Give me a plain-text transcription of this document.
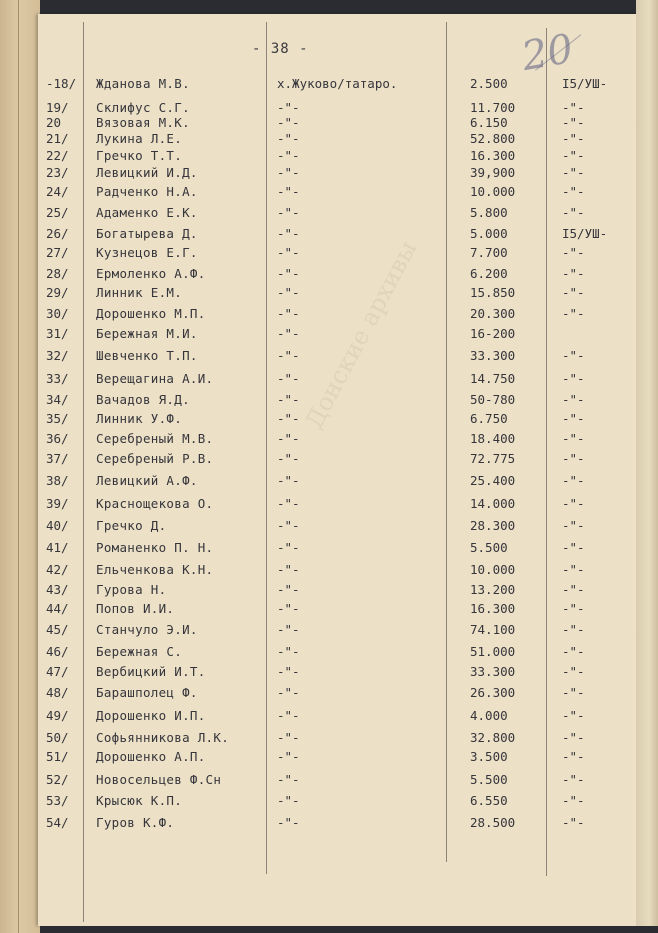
Донские архивы
20
- 38 -
-18/ Жданова М.В.	х.Жуково/татаро.	2.500	I5/УШ-
19/ Склифус С.Г.	-"-	11.700	-"-
20	Вязовая М.К.	-"-	6.150	-"-
21/ Лукина Л.Е.	-"-	52.800	-"-
22/ Гречко Т.Т.	-"-	16.300	-"-
23/ Левицкий И.Д.	-"-	39,900	-"-
24/ Радченко Н.А.	-"-	10.000	-"-
25/ Адаменко Е.К.	-"-	5.800	-"-
26/ Богатырева Д.	-"-	5.000	I5/УШ-
27/ Кузнецов Е.Г.	-"-	7.700	-"-
28/ Ермоленко А.Ф.	-"-	6.200	-"-
29/ Линник Е.М.	-"-	15.850	-"-
30/ Дорошенко М.П.	-"-	20.300	-"-
31/ Бережная М.И.	-"-	16-200
32/ Шевченко Т.П.	-"-	33.300	-"-
33/ Верещагина А.И.	-"-	14.750	-"-
34/ Вачадов Я.Д.	-"-	50-780	-"-
35/ Линник У.Ф.	-"-	6.750	-"-
36/ Серебреный М.В.	-"-	18.400	-"-
37/ Серебреный Р.В.	-"-	72.775	-"-
38/ Левицкий А.Ф.	-"-	25.400	-"-
39/ Краснощекова О.	-"-	14.000	-"-
40/ Гречко Д.	-"-	28.300	-"-
41/ Романенко П. Н.	-"-	5.500	-"-
42/ Ельченкова К.Н.	-"-	10.000	-"-
43/ Гурова Н.	-"-	13.200	-"-
44/ Попов И.И.	-"-	16.300	-"-
45/ Станчуло Э.И.	-"-	74.100	-"-
46/ Бережная С.	-"-	51.000	-"-
47/ Вербицкий И.Т.	-"-	33.300	-"-
48/ Барашполец Ф.	-"-	26.300	-"-
49/ Дорошенко И.П.	-"-	4.000	-"-
50/ Софьянникова Л.К.	-"-	32.800	-"-
51/ Дорошенко А.П.	-"-	3.500	-"-
52/ Новосельцев Ф.Сн	-"-	5.500	-"-
53/ Крысюк К.П.	-"-	6.550	-"-
54/ Гуров К.Ф.	-"-	28.500	-"-
